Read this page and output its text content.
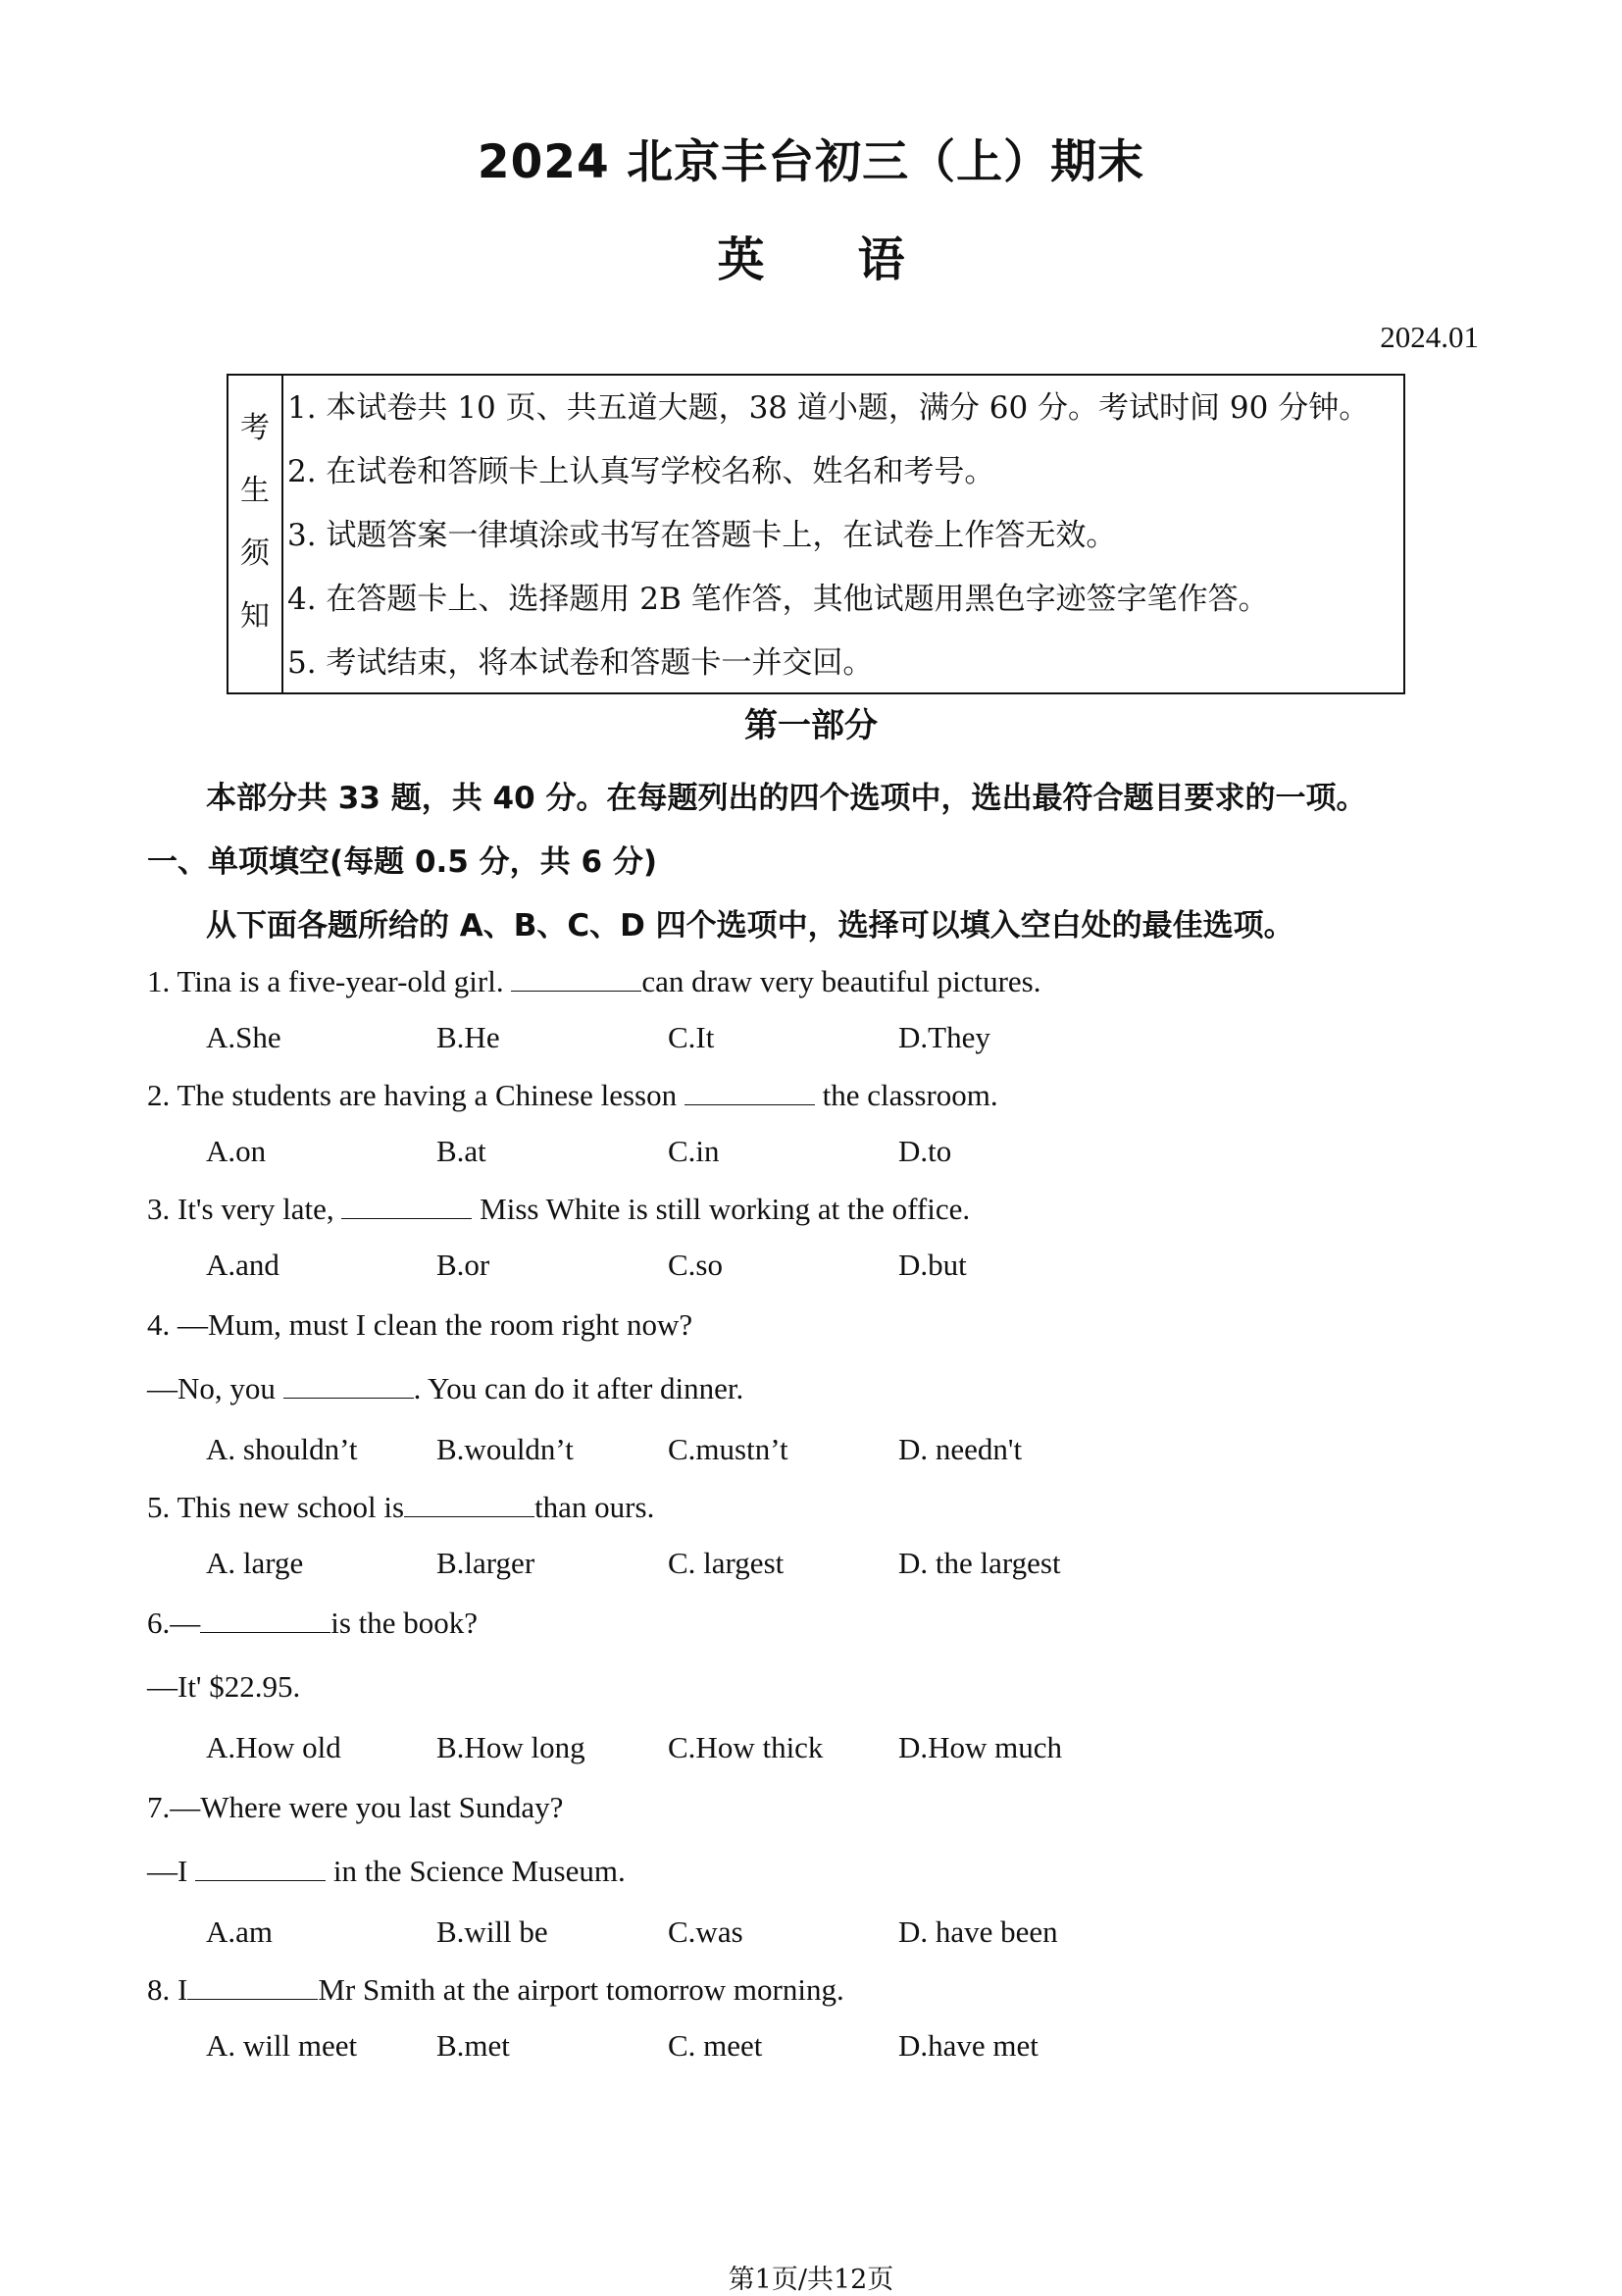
2024 北京丰台初三（上）期末
英语
2024.01
考
生
须
知
1. 本试卷共 10 页、共五道大题，38 道小题，满分 60 分。考试时间 90 分钟。
2. 在试卷和答顾卡上认真写学校名称、姓名和考号。
3. 试题答案一律填涂或书写在答题卡上，在试卷上作答无效。
4. 在答题卡上、选择题用 2B 笔作答，其他试题用黑色字迹签字笔作答。
5. 考试结束，将本试卷和答题卡一并交回。
第一部分
本部分共 33 题，共 40 分。在每题列出的四个选项中，选出最符合题目要求的一项。
一、单项填空(每题 0.5 分，共 6 分)
从下面各题所给的 A、B、C、D 四个选项中，选择可以填入空白处的最佳选项。
1. Tina is a five-year-old girl.	can draw very beautiful pictures.
A.She	B.He	C.It	D.They
2. The students are having a Chinese lesson	the classroom.
A.on	B.at	C.in	D.to
3. It's very late,	Miss White is still working at the office.
A.and	B.or	C.so	D.but
4. —Mum, must I clean the room right now?
—No, you	. You can do it after dinner.
A. shouldn’t	B.wouldn’t	C.mustn’t	D. needn't
5. This new school is	than ours.
A. large	B.larger	C. largest	D. the largest
6.—	is the book?
—It' $22.95.
A.How old	B.How long	C.How thick D.How much
7.—Where were you last Sunday?
—I	in the Science Museum.
A.am	B.will be	C.was	D. have been
8. I	Mr Smith at the airport tomorrow morning.
A. will meet	B.met	C. meet	D.have met
第1页/共12页
